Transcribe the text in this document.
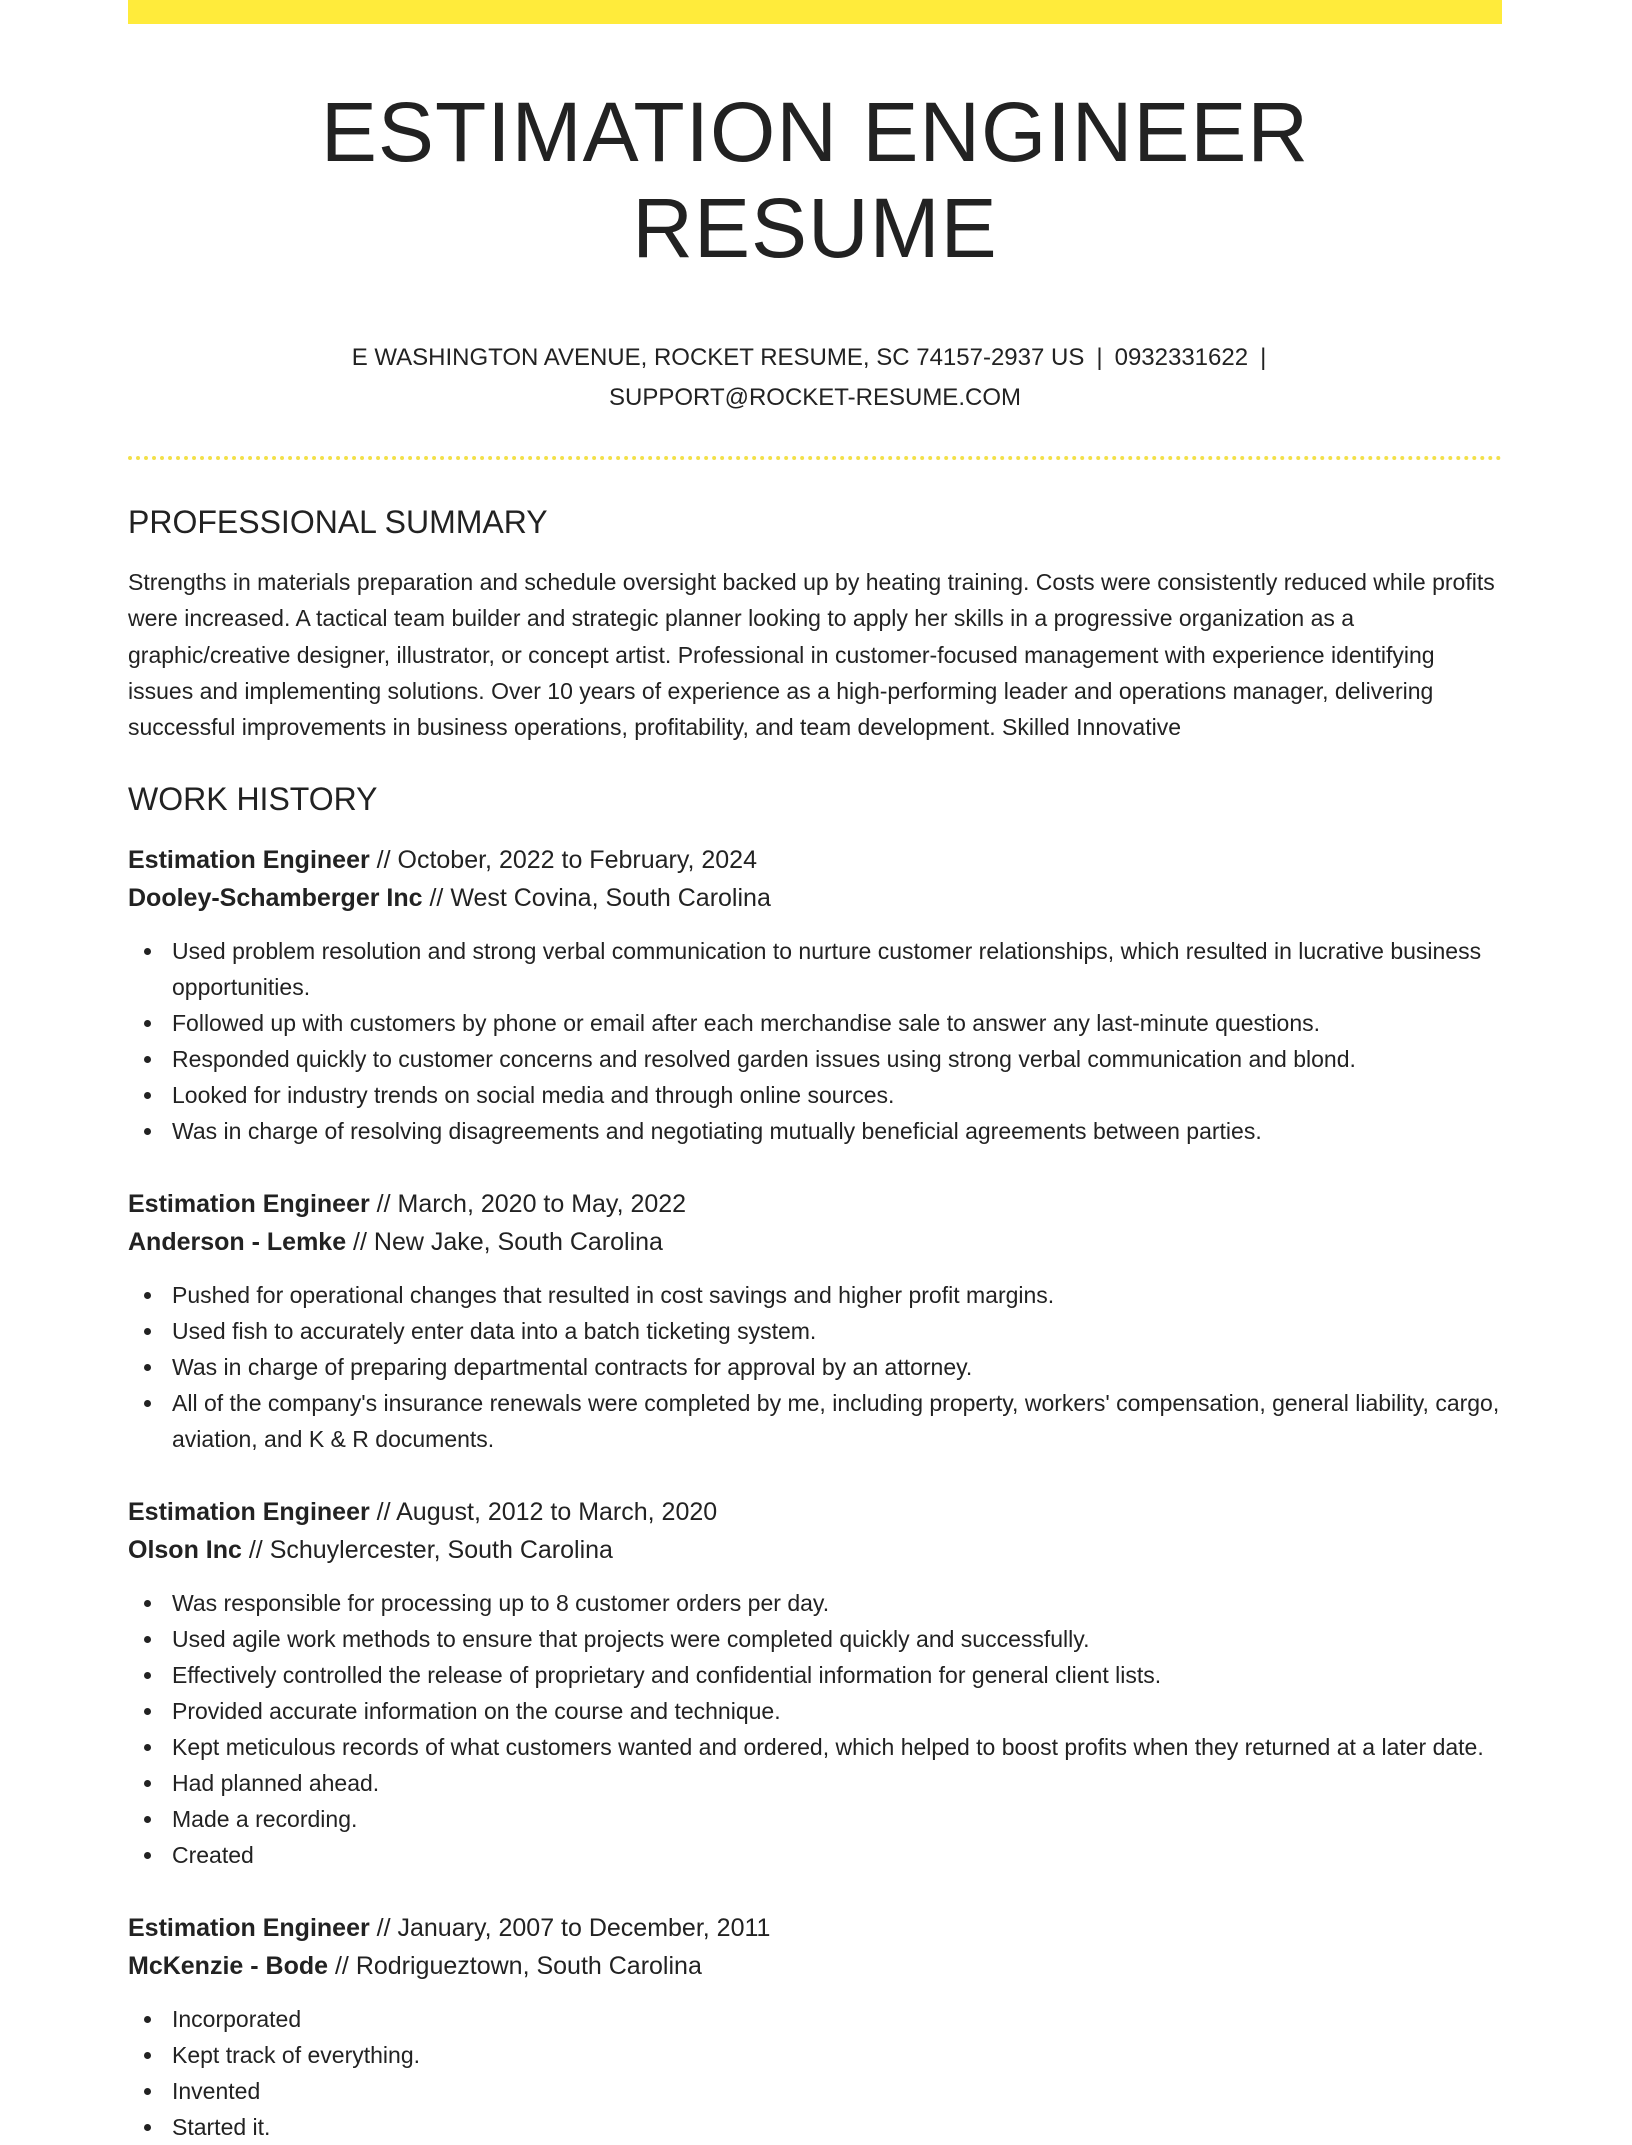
ESTIMATION ENGINEER RESUME
E WASHINGTON AVENUE, ROCKET RESUME, SC 74157-2937 US | 0932331622 |
SUPPORT@ROCKET-RESUME.COM
PROFESSIONAL SUMMARY

Strengths in materials preparation and schedule oversight backed up by heating training. Costs were consistently reduced while profits were increased. A tactical team builder and strategic planner looking to apply her skills in a progressive organization as a graphic/creative designer, illustrator, or concept artist. Professional in customer-focused management with experience identifying issues and implementing solutions. Over 10 years of experience as a high-performing leader and operations manager, delivering successful improvements in business operations, profitability, and team development. Skilled Innovative

WORK HISTORY
Estimation Engineer // October, 2022 to February, 2024
Dooley-Schamberger Inc // West Covina, South Carolina
Used problem resolution and strong verbal communication to nurture customer relationships, which resulted in lucrative business opportunities.
Followed up with customers by phone or email after each merchandise sale to answer any last-minute questions.
Responded quickly to customer concerns and resolved garden issues using strong verbal communication and blond.
Looked for industry trends on social media and through online sources.
Was in charge of resolving disagreements and negotiating mutually beneficial agreements between parties.
Estimation Engineer // March, 2020 to May, 2022
Anderson - Lemke // New Jake, South Carolina
Pushed for operational changes that resulted in cost savings and higher profit margins.
Used fish to accurately enter data into a batch ticketing system.
Was in charge of preparing departmental contracts for approval by an attorney.
All of the company's insurance renewals were completed by me, including property, workers' compensation, general liability, cargo, aviation, and K & R documents.
Estimation Engineer // August, 2012 to March, 2020
Olson Inc // Schuylercester, South Carolina
Was responsible for processing up to 8 customer orders per day.
Used agile work methods to ensure that projects were completed quickly and successfully.
Effectively controlled the release of proprietary and confidential information for general client lists.
Provided accurate information on the course and technique.
Kept meticulous records of what customers wanted and ordered, which helped to boost profits when they returned at a later date.
Had planned ahead.
Made a recording.
Created
Estimation Engineer // January, 2007 to December, 2011
McKenzie - Bode // Rodrigueztown, South Carolina
Incorporated
Kept track of everything.
Invented
Started it.
